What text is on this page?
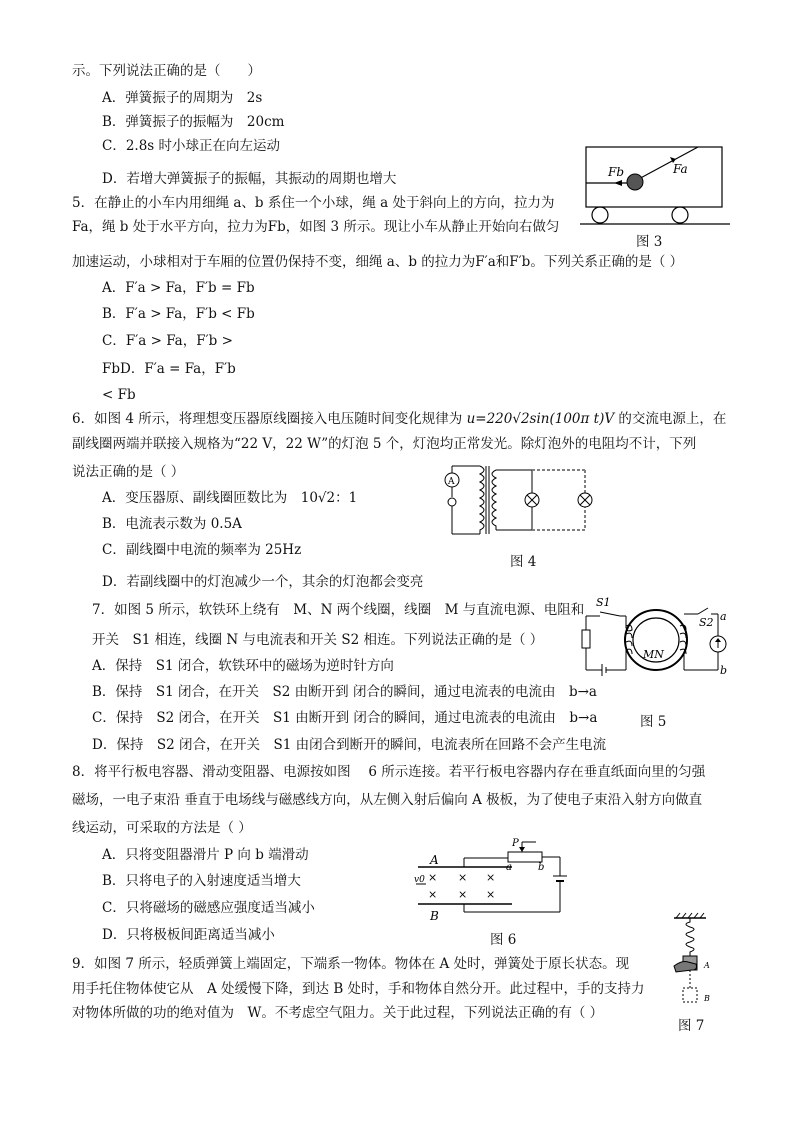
示。下列说法正确的是（　　）
A．弹簧振子的周期为　2s
B．弹簧振子的振幅为　20cm
C．2.8s 时小球正在向左运动
D．若增大弹簧振子的振幅，其振动的周期也增大	Fb	Fa
图 3
5．在静止的小车内用细绳 a、b 系住一个小球，绳 a 处于斜向上的方向，拉力为
Fa，绳 b 处于水平方向，拉力为Fb，如图 3 所示。现让小车从静止开始向右做匀
加速运动，小球相对于车厢的位置仍保持不变，细绳 a、b 的拉力为F′a和F′b。下列关系正确的是（ ）
A．F′a > Fa，F′b = Fb
B．F′a > Fa，F′b < Fb
C．F′a > Fa，F′b >
FbD．F′a = Fa，F′b
< Fb
6．如图 4 所示，将理想变压器原线圈接入电压随时间变化规律为 u=220√2sin(100π t)V 的交流电源上，在
副线圈两端并联接入规格为“22 V，22 W”的灯泡 5 个，灯泡均正常发光。除灯泡外的电阻均不计，下列
说法正确的是（ ）
A．变压器原、副线圈匝数比为　10√2：1
B．电流表示数为 0.5A
C．副线圈中电流的频率为 25Hz
D．若副线圈中的灯泡减少一个，其余的灯泡都会变亮
A
图 4
7．如图 5 所示，软铁环上绕有　M、N 两个线圈，线圈　M 与直流电源、电阻和
开关　S1 相连，线圈 N 与电流表和开关 S2 相连。下列说法正确的是（ ）
A．保持　S1 闭合，软铁环中的磁场为逆时针方向
B．保持　S1 闭合，在开关　S2 由断开到 闭合的瞬间，通过电流表的电流由　b→a
C．保持　S2 闭合，在开关　S1 由断开到 闭合的瞬间，通过电流表的电流由　b→a
D．保持　S2 闭合，在开关　S1 由闭合到断开的瞬间，电流表所在回路不会产生电流
S1
MN
S2 a
b
图 5
8．将平行板电容器、滑动变阻器、电源按如图　 6 所示连接。若平行板电容器内存在垂直纸面向里的匀强
磁场，一电子束沿 垂直于电场线与磁感线方向，从左侧入射后偏向 A 极板，为了使电子束沿入射方向做直
线运动，可采取的方法是（ ）
A．只将变阻器滑片 P 向 b 端滑动
B．只将电子的入射速度适当增大
C．只将磁场的磁感应强度适当减小
D．只将极板间距离适当减小
A
B
v0 × × ×
× × ×
a	b
P
图 6
9．如图 7 所示，轻质弹簧上端固定，下端系一物体。物体在 A 处时，弹簧处于原长状态。现
用手托住物体使它从　A 处缓慢下降，到达 B 处时，手和物体自然分开。此过程中，手的支持力
对物体所做的功的绝对值为　W。不考虑空气阻力。关于此过程，下列说法正确的有（ ）
A
B
图 7
